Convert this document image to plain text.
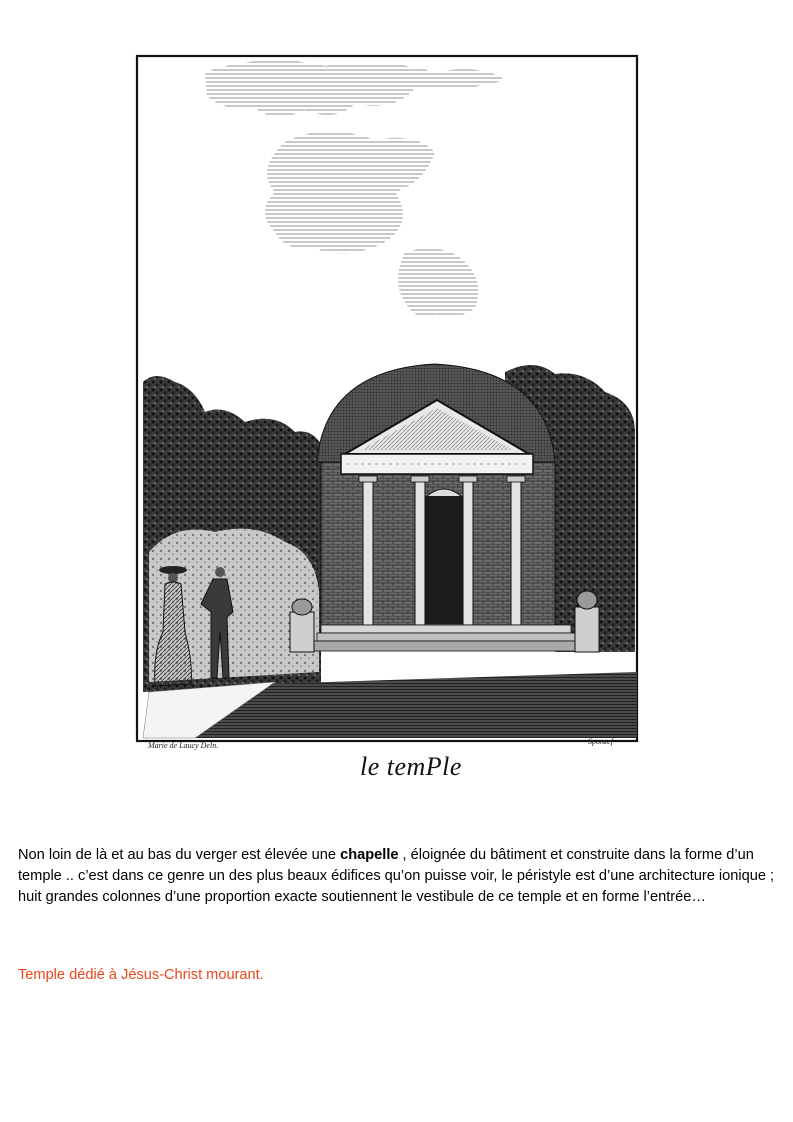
Marie de Laucy Deln.	Sponzef
le temPle

Non loin de là et au bas du verger est élevée une chapelle , éloignée du bâtiment et construite dans la forme d’un temple .. c’est dans ce genre un des plus beaux édifices qu’on puisse voir, le péristyle est d’une architecture ionique ; huit grandes colonnes d’une proportion exacte soutiennent le vestibule de ce temple et en forme l’entrée…

Temple dédié à Jésus-Christ mourant.
